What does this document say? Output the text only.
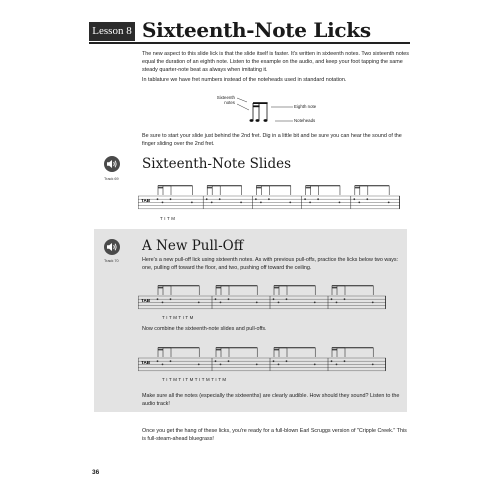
Lesson 8 Sixteenth-Note Licks

The new aspect to this slide lick is that the slide itself is faster. It's written in sixteenth notes. Two sixteenth notes equal the duration of an eighth note. Listen to the example on the audio, and keep your foot tapping the same steady quarter-note beat as always when imitating it.

In tablature we have fret numbers instead of the noteheads used in standard notation.

Sixteenth notes
Eighth note
Noteheads

Be sure to start your slide just behind the 2nd fret. Dig in a little bit and be sure you can hear the sound of the finger sliding over the 2nd fret.

Track 69
Sixteenth-Note Slides
TAB
T I T M
Track 70
A New Pull-Off

Here's a new pull-off lick using sixteenth notes. As with previous pull-offs, practice the licks below two ways: one, pulling off toward the floor, and two, pushing off toward the ceiling.

TAB
T I T M T I T M

Now combine the sixteenth-note slides and pull-offs.

TAB
T I T M T I T M T I T M T I T M

Make sure all the notes (especially the sixteenths) are clearly audible. How should they sound? Listen to the audio track!

Once you get the hang of these licks, you're ready for a full-blown Earl Scruggs version of "Cripple Creek." This is full-steam-ahead bluegrass!

36
